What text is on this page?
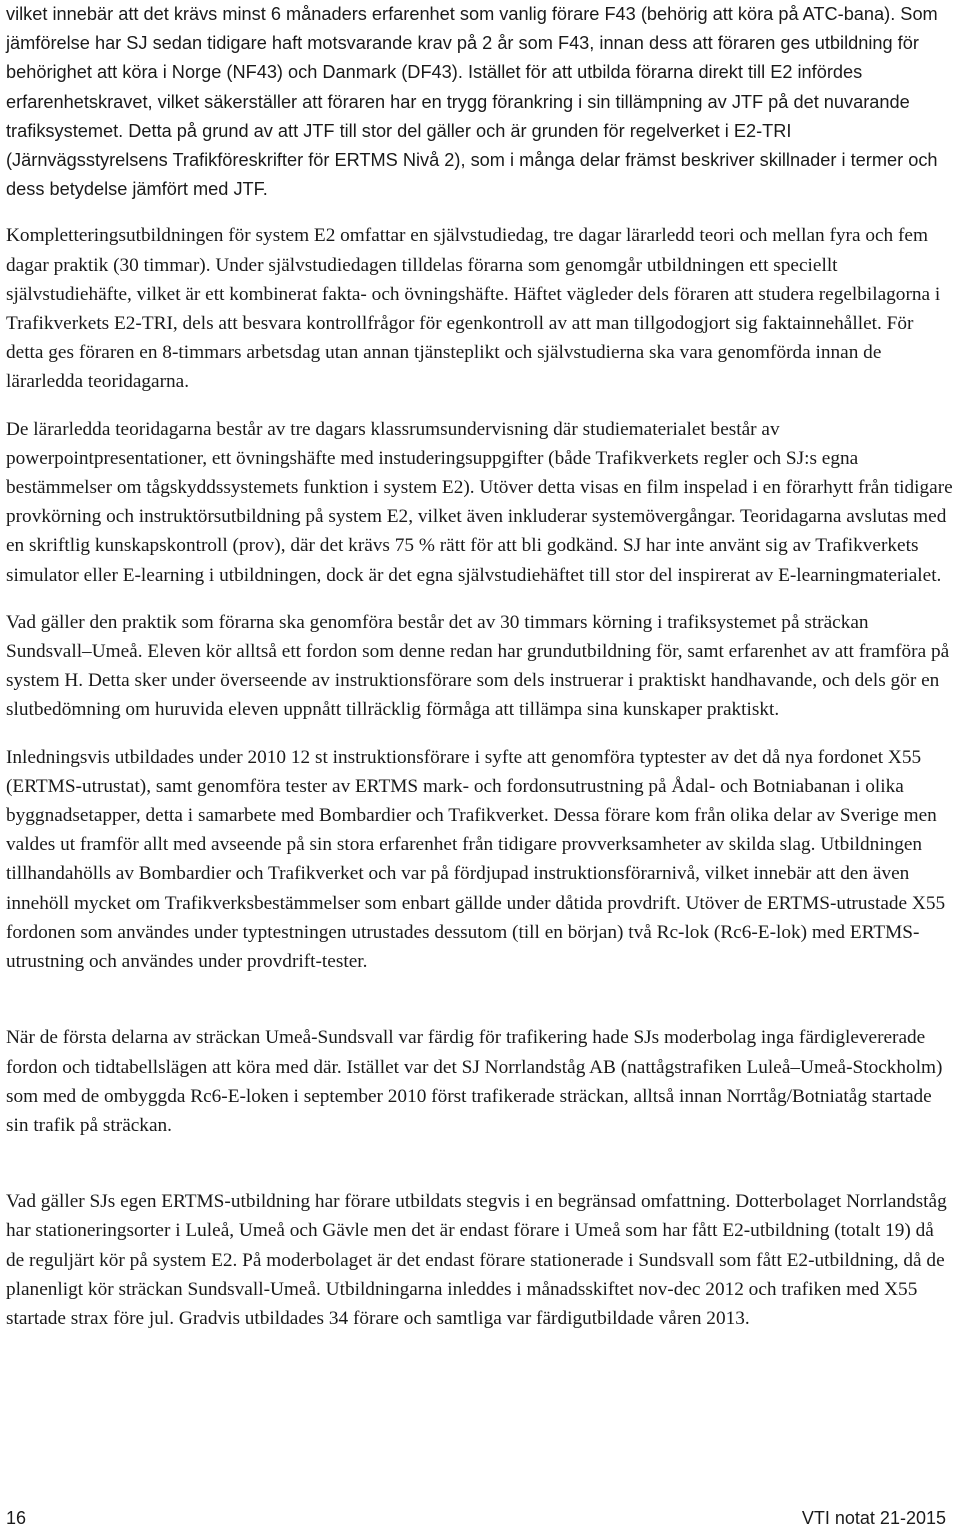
vilket innebär att det krävs minst 6 månaders erfarenhet som vanlig förare F43 (behörig att köra på ATC-bana). Som jämförelse har SJ sedan tidigare haft motsvarande krav på 2 år som F43, innan dess att föraren ges utbildning för behörighet att köra i Norge (NF43) och Danmark (DF43). Istället för att utbilda förarna direkt till E2 infördes erfarenhetskravet, vilket säkerställer att föraren har en trygg förankring i sin tillämpning av JTF på det nuvarande trafiksystemet. Detta på grund av att JTF till stor del gäller och är grunden för regelverket i E2-TRI (Järnvägsstyrelsens Trafikföreskrifter för ERTMS Nivå 2), som i många delar främst beskriver skillnader i termer och dess betydelse jämfört med JTF.

Kompletteringsutbildningen för system E2 omfattar en självstudiedag, tre dagar lärarledd teori och mellan fyra och fem dagar praktik (30 timmar). Under självstudiedagen tilldelas förarna som genomgår utbildningen ett speciellt självstudiehäfte, vilket är ett kombinerat fakta- och övningshäfte. Häftet vägleder dels föraren att studera regelbilagorna i Trafikverkets E2-TRI, dels att besvara kontrollfrågor för egenkontroll av att man tillgodogjort sig faktainnehållet. För detta ges föraren en 8-timmars arbetsdag utan annan tjänsteplikt och självstudierna ska vara genomförda innan de lärarledda teoridagarna.

De lärarledda teoridagarna består av tre dagars klassrumsundervisning där studiematerialet består av powerpointpresentationer, ett övningshäfte med instuderingsuppgifter (både Trafikverkets regler och SJ:s egna bestämmelser om tågskyddssystemets funktion i system E2). Utöver detta visas en film inspelad i en förarhytt från tidigare provkörning och instruktörsutbildning på system E2, vilket även inkluderar systemövergångar. Teoridagarna avslutas med en skriftlig kunskapskontroll (prov), där det krävs 75 % rätt för att bli godkänd. SJ har inte använt sig av Trafikverkets simulator eller E-learning i utbildningen, dock är det egna självstudiehäftet till stor del inspirerat av E-learningmaterialet.

Vad gäller den praktik som förarna ska genomföra består det av 30 timmars körning i trafiksystemet på sträckan Sundsvall–Umeå. Eleven kör alltså ett fordon som denne redan har grundutbildning för, samt erfarenhet av att framföra på system H. Detta sker under överseende av instruktionsförare som dels instruerar i praktiskt handhavande, och dels gör en slutbedömning om huruvida eleven uppnått tillräcklig förmåga att tillämpa sina kunskaper praktiskt.

Inledningsvis utbildades under 2010 12 st instruktionsförare i syfte att genomföra typtester av det då nya fordonet X55 (ERTMS-utrustat), samt genomföra tester av ERTMS mark- och fordonsutrustning på Ådal- och Botniabanan i olika byggnadsetapper, detta i samarbete med Bombardier och Trafikverket. Dessa förare kom från olika delar av Sverige men valdes ut framför allt med avseende på sin stora erfarenhet från tidigare provverksamheter av skilda slag. Utbildningen tillhandahölls av Bombardier och Trafikverket och var på fördjupad instruktionsförarnivå, vilket innebär att den även innehöll mycket om Trafikverksbestämmelser som enbart gällde under dåtida provdrift. Utöver de ERTMS-utrustade X55 fordonen som användes under typtestningen utrustades dessutom (till en början) två Rc-lok (Rc6-E-lok) med ERTMS-utrustning och användes under provdrift-tester.

När de första delarna av sträckan Umeå-Sundsvall var färdig för trafikering hade SJs moderbolag inga färdiglevererade fordon och tidtabellslägen att köra med där. Istället var det SJ Norrlandståg AB (nattågstrafiken Luleå–Umeå-Stockholm) som med de ombyggda Rc6-E-loken i september 2010 först trafikerade sträckan, alltså innan Norrtåg/Botniatåg startade sin trafik på sträckan.

Vad gäller SJs egen ERTMS-utbildning har förare utbildats stegvis i en begränsad omfattning. Dotterbolaget Norrlandståg har stationeringsorter i Luleå, Umeå och Gävle men det är endast förare i Umeå som har fått E2-utbildning (totalt 19) då de reguljärt kör på system E2. På moderbolaget är det endast förare stationerade i Sundsvall som fått E2-utbildning, då de planenligt kör sträckan Sundsvall-Umeå. Utbildningarna inleddes i månadsskiftet nov-dec 2012 och trafiken med X55 startade strax före jul. Gradvis utbildades 34 förare och samtliga var färdigutbildade våren 2013.

16	VTI notat 21-2015
